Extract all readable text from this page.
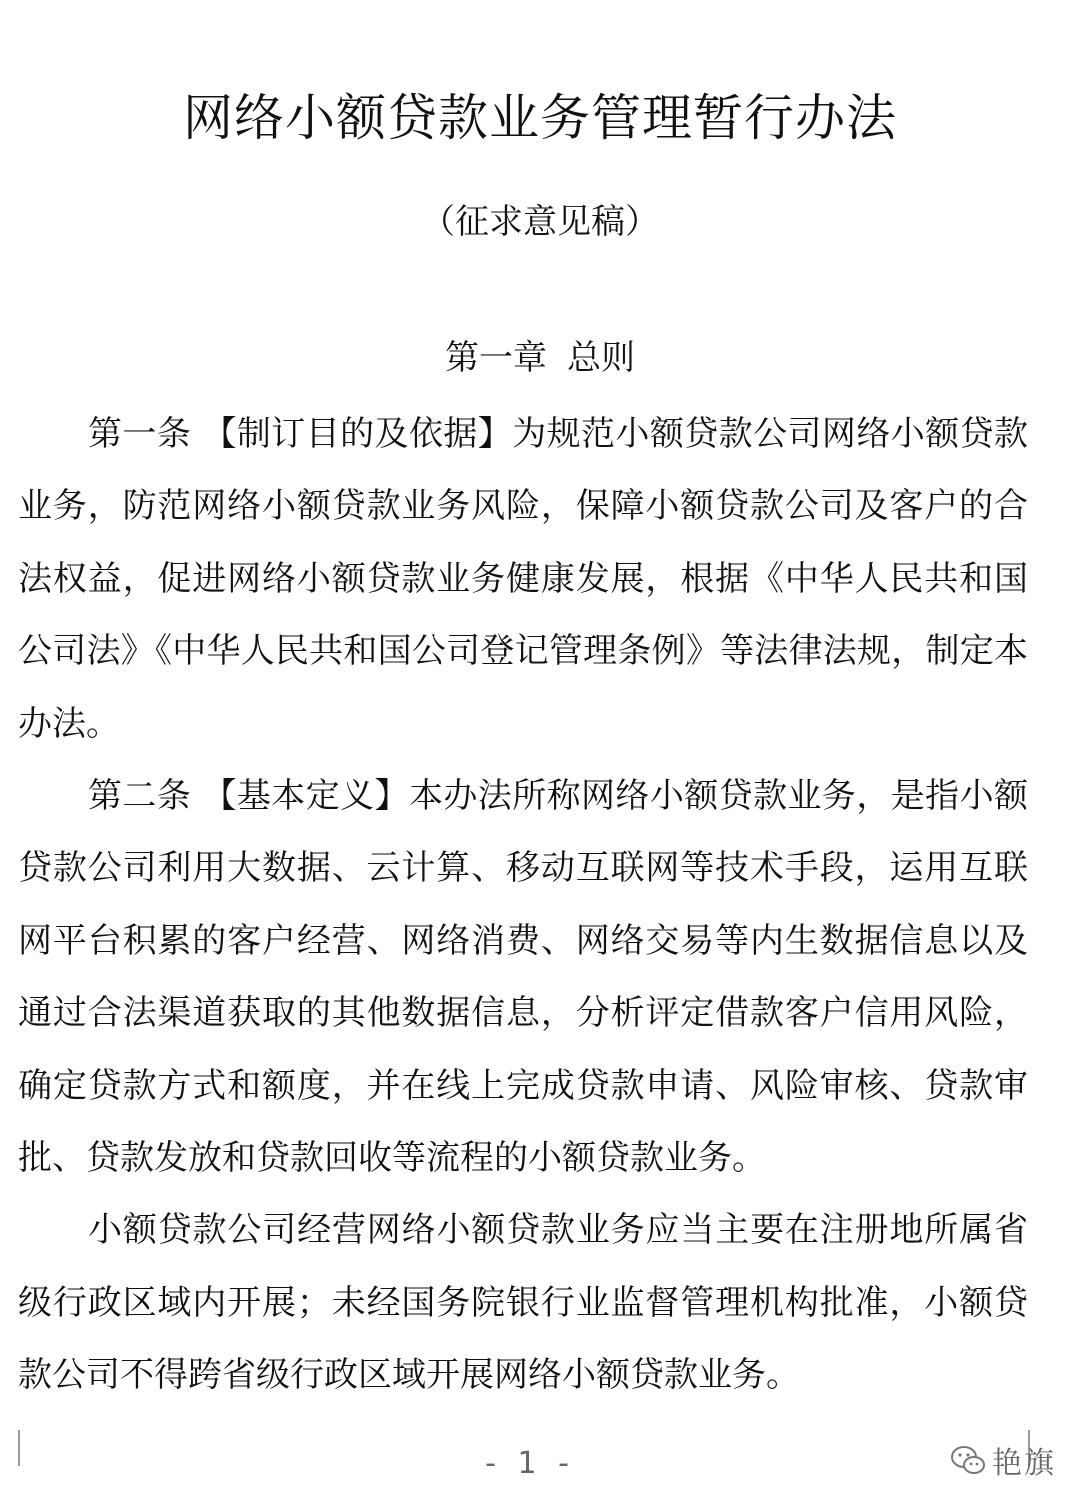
网络小额贷款业务管理暂行办法

（征求意见稿）

第一章 总则

第一条 【制订目的及依据】为规范小额贷款公司网络小额贷款业务，防范网络小额贷款业务风险，保障小额贷款公司及客户的合法权益，促进网络小额贷款业务健康发展，根据《中华人民共和国公司法》《中华人民共和国公司登记管理条例》等法律法规，制定本办法。

第二条 【基本定义】本办法所称网络小额贷款业务，是指小额贷款公司利用大数据、云计算、移动互联网等技术手段，运用互联网平台积累的客户经营、网络消费、网络交易等内生数据信息以及通过合法渠道获取的其他数据信息，分析评定借款客户信用风险，确定贷款方式和额度，并在线上完成贷款申请、风险审核、贷款审批、贷款发放和贷款回收等流程的小额贷款业务。

小额贷款公司经营网络小额贷款业务应当主要在注册地所属省级行政区域内开展；未经国务院银行业监督管理机构批准，小额贷款公司不得跨省级行政区域开展网络小额贷款业务。

- 1 -	艳旗
